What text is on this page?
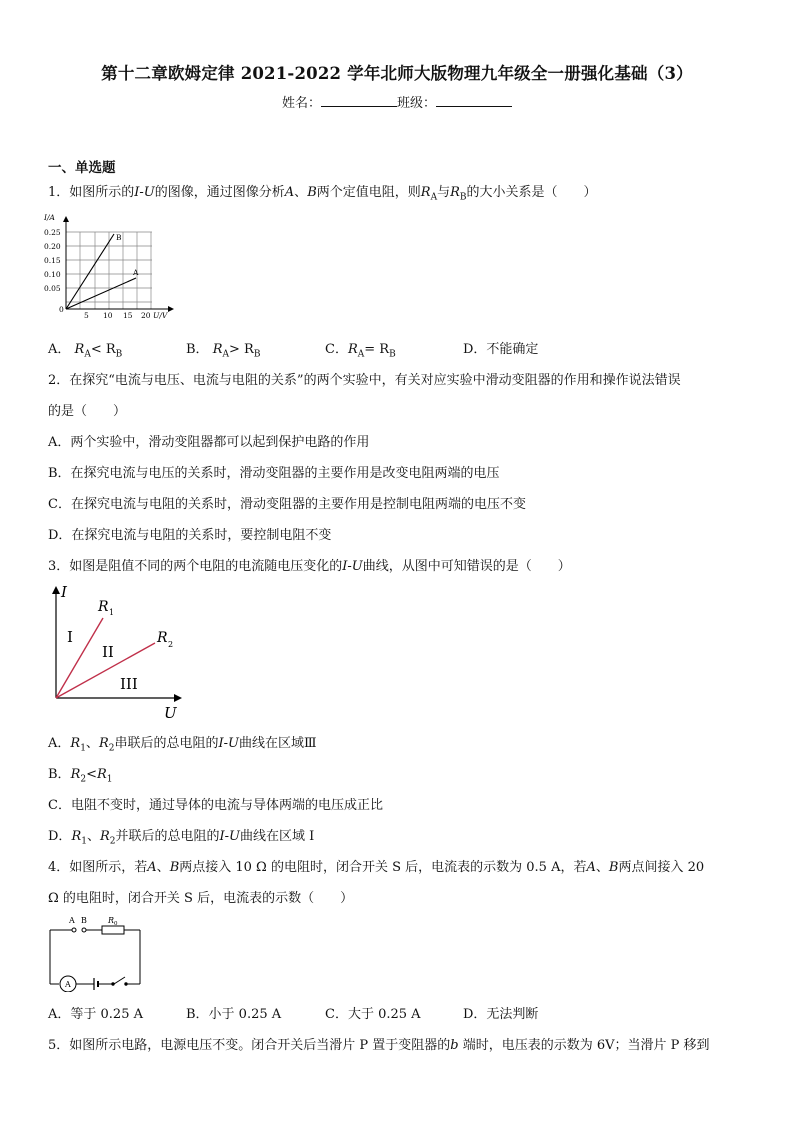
第十二章欧姆定律 2021-2022 学年北师大版物理九年级全一册强化基础（3）
姓名：	班级：
一、单选题
1．如图所示的I-U的图像，通过图像分析A、B两个定值电阻，则$R_A$与$R_B$的大小关系是（　　）
B
A
I/A
U/V
0.25
0.20
0.15
0.10
0.05
0
5 10 15 20
A． $R_A< R_B$	B． $R_A> R_B$	C．$R_A= R_B$	D．不能确定
2．在探究“电流与电压、电流与电阻的关系”的两个实验中，有关对应实验中滑动变阻器的作用和操作说法错误
的是（　　）
A．两个实验中，滑动变阻器都可以起到保护电路的作用
B．在探究电流与电压的关系时，滑动变阻器的主要作用是改变电阻两端的电压
C．在探究电流与电阻的关系时，滑动变阻器的主要作用是控制电阻两端的电压不变
D．在探究电流与电阻的关系时，要控制电阻不变
3．如图是阻值不同的两个电阻的电流随电压变化的I-U曲线，从图中可知错误的是（　　）
I
U
R 1
R 2
I
II
III
A．$R_1$、$R_2$串联后的总电阻的I-U曲线在区域Ⅲ
B．$R_2<R_1$
C．电阻不变时，通过导体的电流与导体两端的电压成正比
D．$R_1$、$R_2$并联后的总电阻的I-U曲线在区域 I
4．如图所示，若A、B两点接入 10 Ω 的电阻时，闭合开关 S 后，电流表的示数为 0.5 A，若A、B两点间接入 20
Ω 的电阻时，闭合开关 S 后，电流表的示数（　　）
A B	R 0
A
A．等于 0.25 A	B．小于 0.25 A	C．大于 0.25 A	D．无法判断
5．如图所示电路，电源电压不变。闭合开关后当滑片 P 置于变阻器的b 端时，电压表的示数为 6V；当滑片 P 移到
